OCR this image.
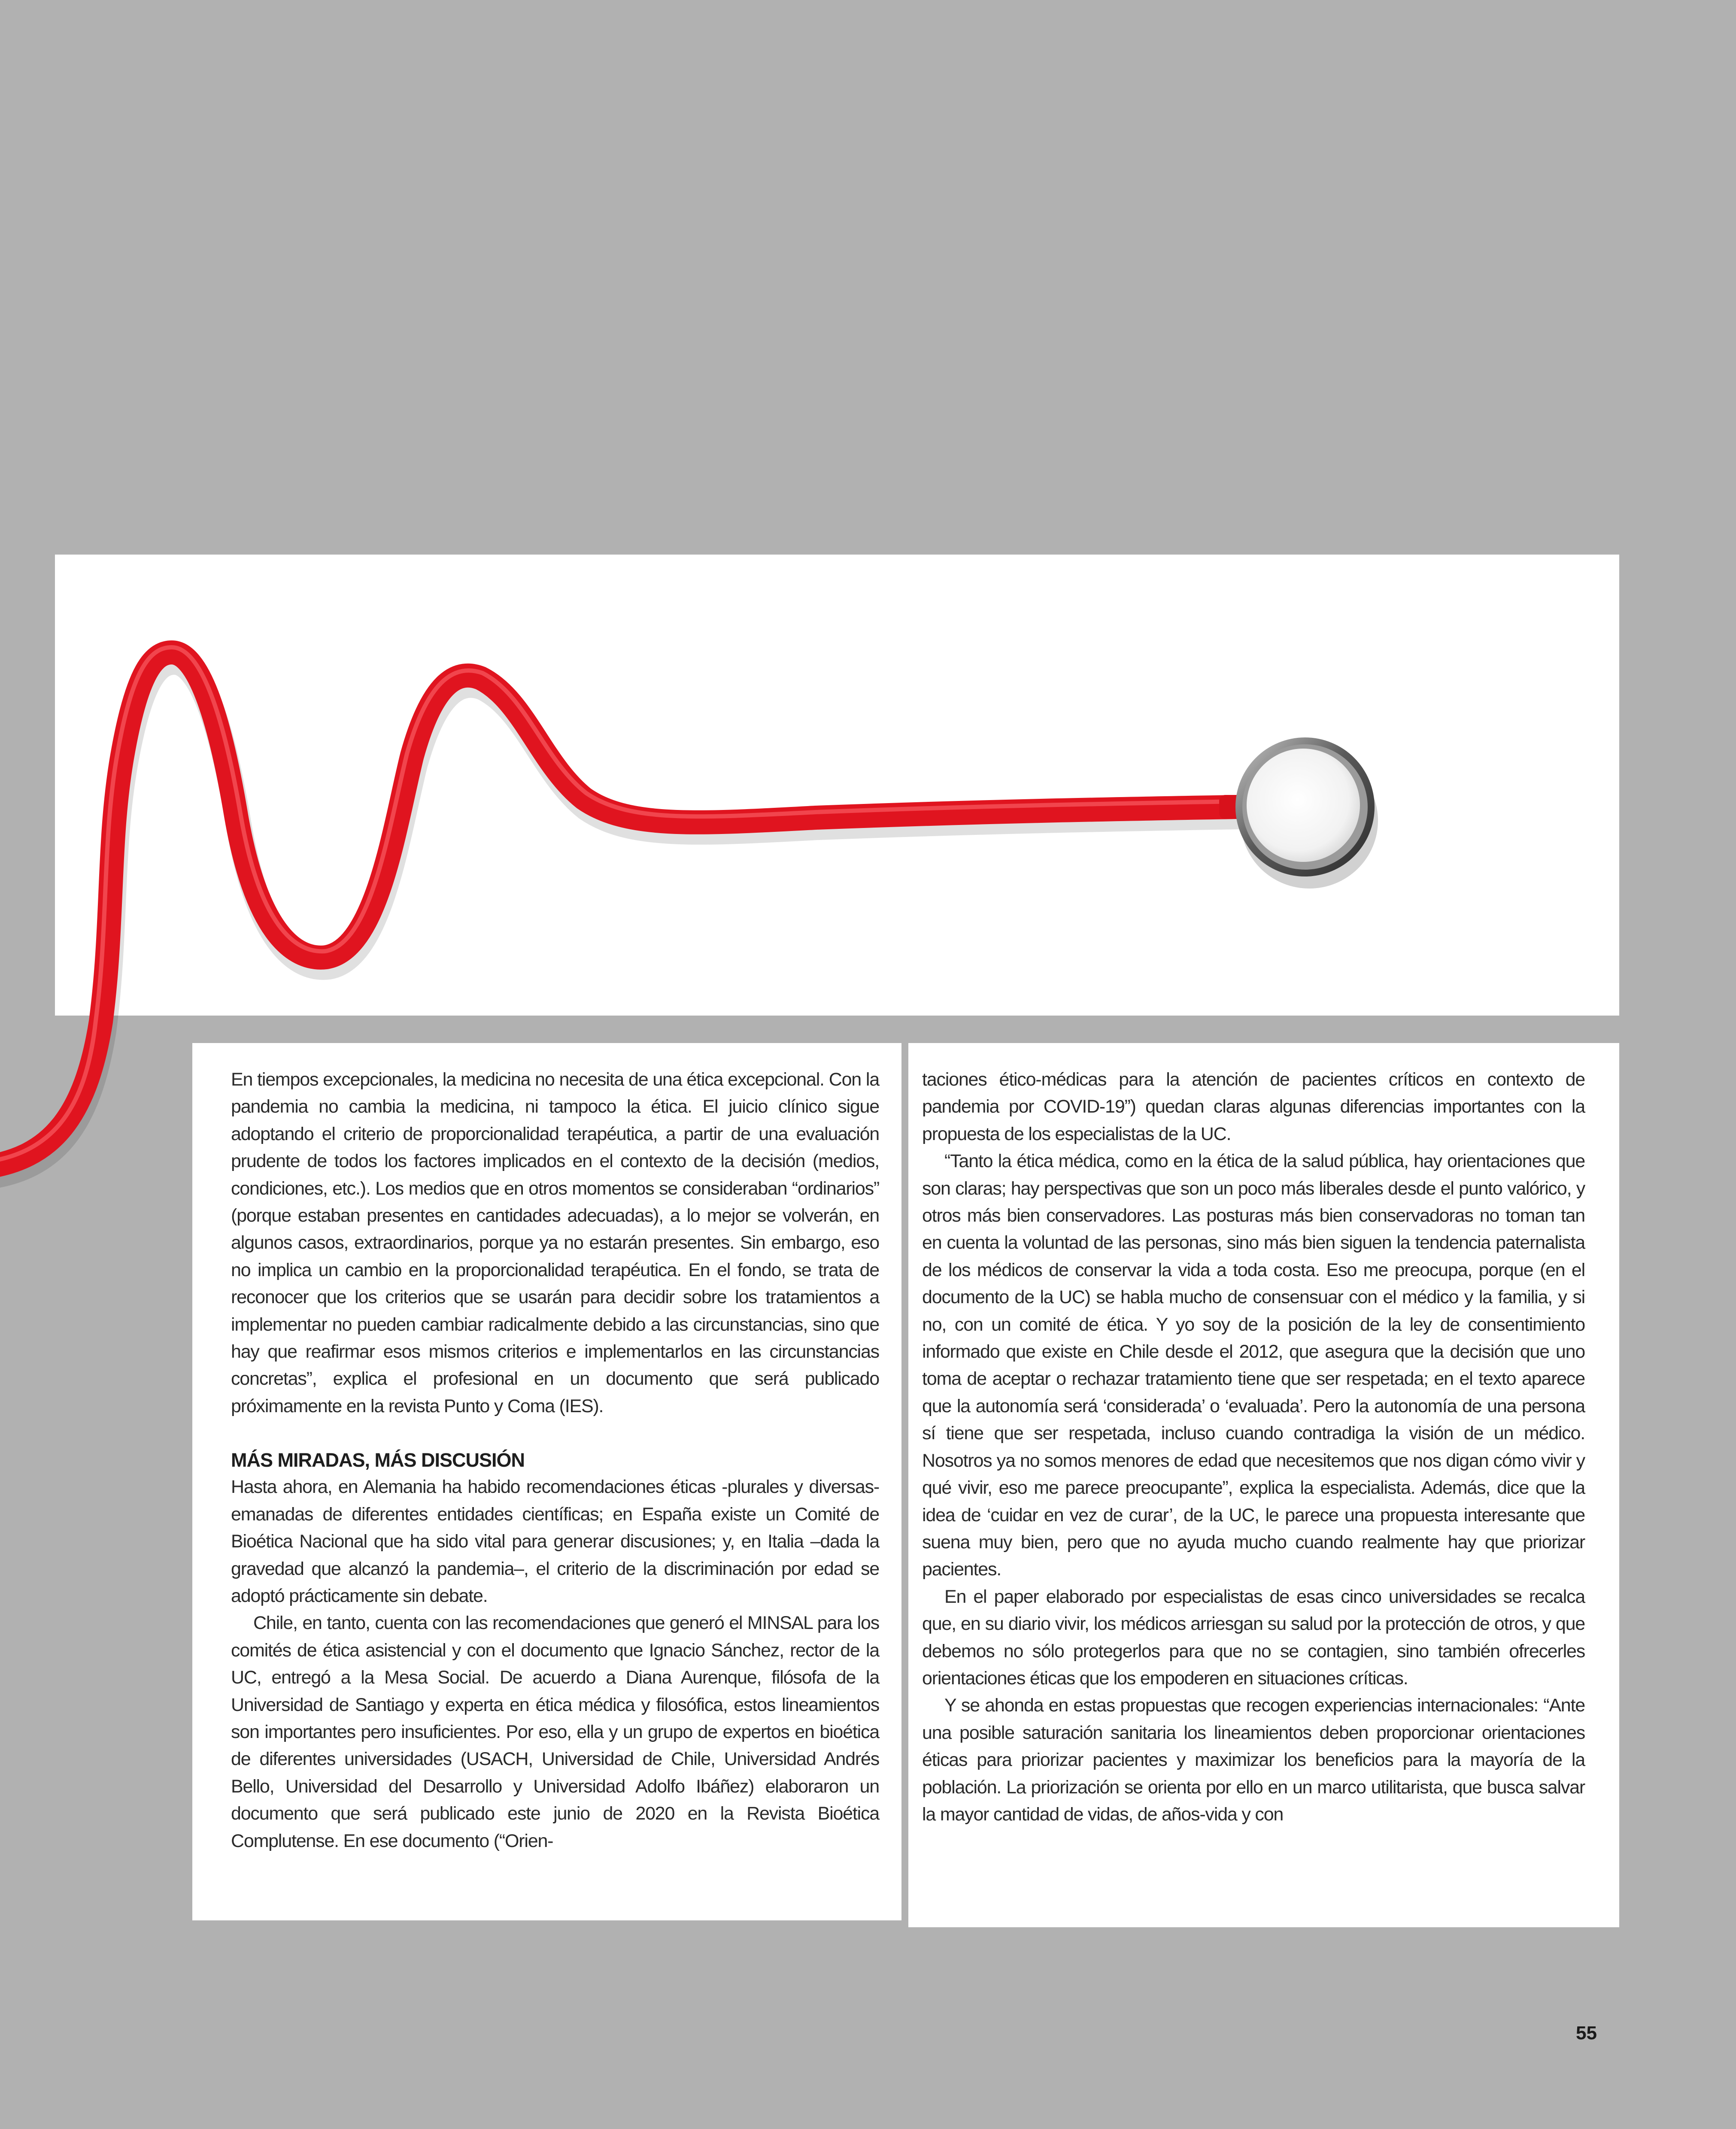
En tiempos excepcionales, la medicina no necesita de una ética excepcional. Con la pandemia no cambia la medicina, ni tampoco la ética. El juicio clínico sigue adoptando el criterio de proporcionalidad terapéutica, a partir de una evaluación prudente de todos los factores implicados en el contexto de la decisión (medios, condiciones, etc.). Los medios que en otros momentos se consideraban “ordinarios” (porque estaban presentes en cantidades adecuadas), a lo mejor se volverán, en algunos casos, extraordinarios, porque ya no estarán presentes. Sin embargo, eso no implica un cambio en la proporcionalidad terapéutica. En el fondo, se trata de reconocer que los criterios que se usarán para decidir sobre los tratamientos a implementar no pueden cambiar radicalmente debido a las circunstancias, sino que hay que reafirmar esos mismos criterios e implementarlos en las circunstancias concretas”, explica el profesional en un documento que será publicado próximamente en la revista Punto y Coma (IES).

MÁS MIRADAS, MÁS DISCUSIÓN

Hasta ahora, en Alemania ha habido recomendaciones éticas -plurales y diversas- emanadas de diferentes entidades científicas; en España existe un Comité de Bioética Nacional que ha sido vital para generar discusiones; y, en Italia –dada la gravedad que alcanzó la pandemia–, el criterio de la discriminación por edad se adoptó prácticamente sin debate.

Chile, en tanto, cuenta con las recomendaciones que generó el MINSAL para los comités de ética asistencial y con el documento que Ignacio Sánchez, rector de la UC, entregó a la Mesa Social. De acuerdo a Diana Aurenque, filósofa de la Universidad de Santiago y experta en ética médica y filosófica, estos lineamientos son importantes pero insuficientes. Por eso, ella y un grupo de expertos en bioética de diferentes universidades (USACH, Universidad de Chile, Universidad Andrés Bello, Universidad del Desarrollo y Universidad Adolfo Ibáñez) elaboraron un documento que será publicado este junio de 2020 en la Revista Bioética Complutense. En ese documento (“Orien-

taciones ético-médicas para la atención de pacientes críticos en contexto de pandemia por COVID-19”) quedan claras algunas diferencias importantes con la propuesta de los especialistas de la UC.

“Tanto la ética médica, como en la ética de la salud pública, hay orientaciones que son claras; hay perspectivas que son un poco más liberales desde el punto valórico, y otros más bien conservadores. Las posturas más bien conservadoras no toman tan en cuenta la voluntad de las personas, sino más bien siguen la tendencia paternalista de los médicos de conservar la vida a toda costa. Eso me preocupa, porque (en el documento de la UC) se habla mucho de consensuar con el médico y la familia, y si no, con un comité de ética. Y yo soy de la posición de la ley de consentimiento informado que existe en Chile desde el 2012, que asegura que la decisión que uno toma de aceptar o rechazar tratamiento tiene que ser respetada; en el texto aparece que la autonomía será ‘considerada’ o ‘evaluada’. Pero la autonomía de una persona sí tiene que ser respetada, incluso cuando contradiga la visión de un médico. Nosotros ya no somos menores de edad que necesitemos que nos digan cómo vivir y qué vivir, eso me parece preocupante”, explica la especialista. Además, dice que la idea de ‘cuidar en vez de curar’, de la UC, le parece una propuesta interesante que suena muy bien, pero que no ayuda mucho cuando realmente hay que priorizar pacientes.

En el paper elaborado por especialistas de esas cinco universidades se recalca que, en su diario vivir, los médicos arriesgan su salud por la protección de otros, y que debemos no sólo protegerlos para que no se contagien, sino también ofrecerles orientaciones éticas que los empoderen en situaciones críticas.

Y se ahonda en estas propuestas que recogen experiencias internacionales: “Ante una posible saturación sanitaria los lineamientos deben proporcionar orientaciones éticas para priorizar pacientes y maximizar los beneficios para la mayoría de la población. La priorización se orienta por ello en un marco utilitarista, que busca salvar la mayor cantidad de vidas, de años-vida y con

55
